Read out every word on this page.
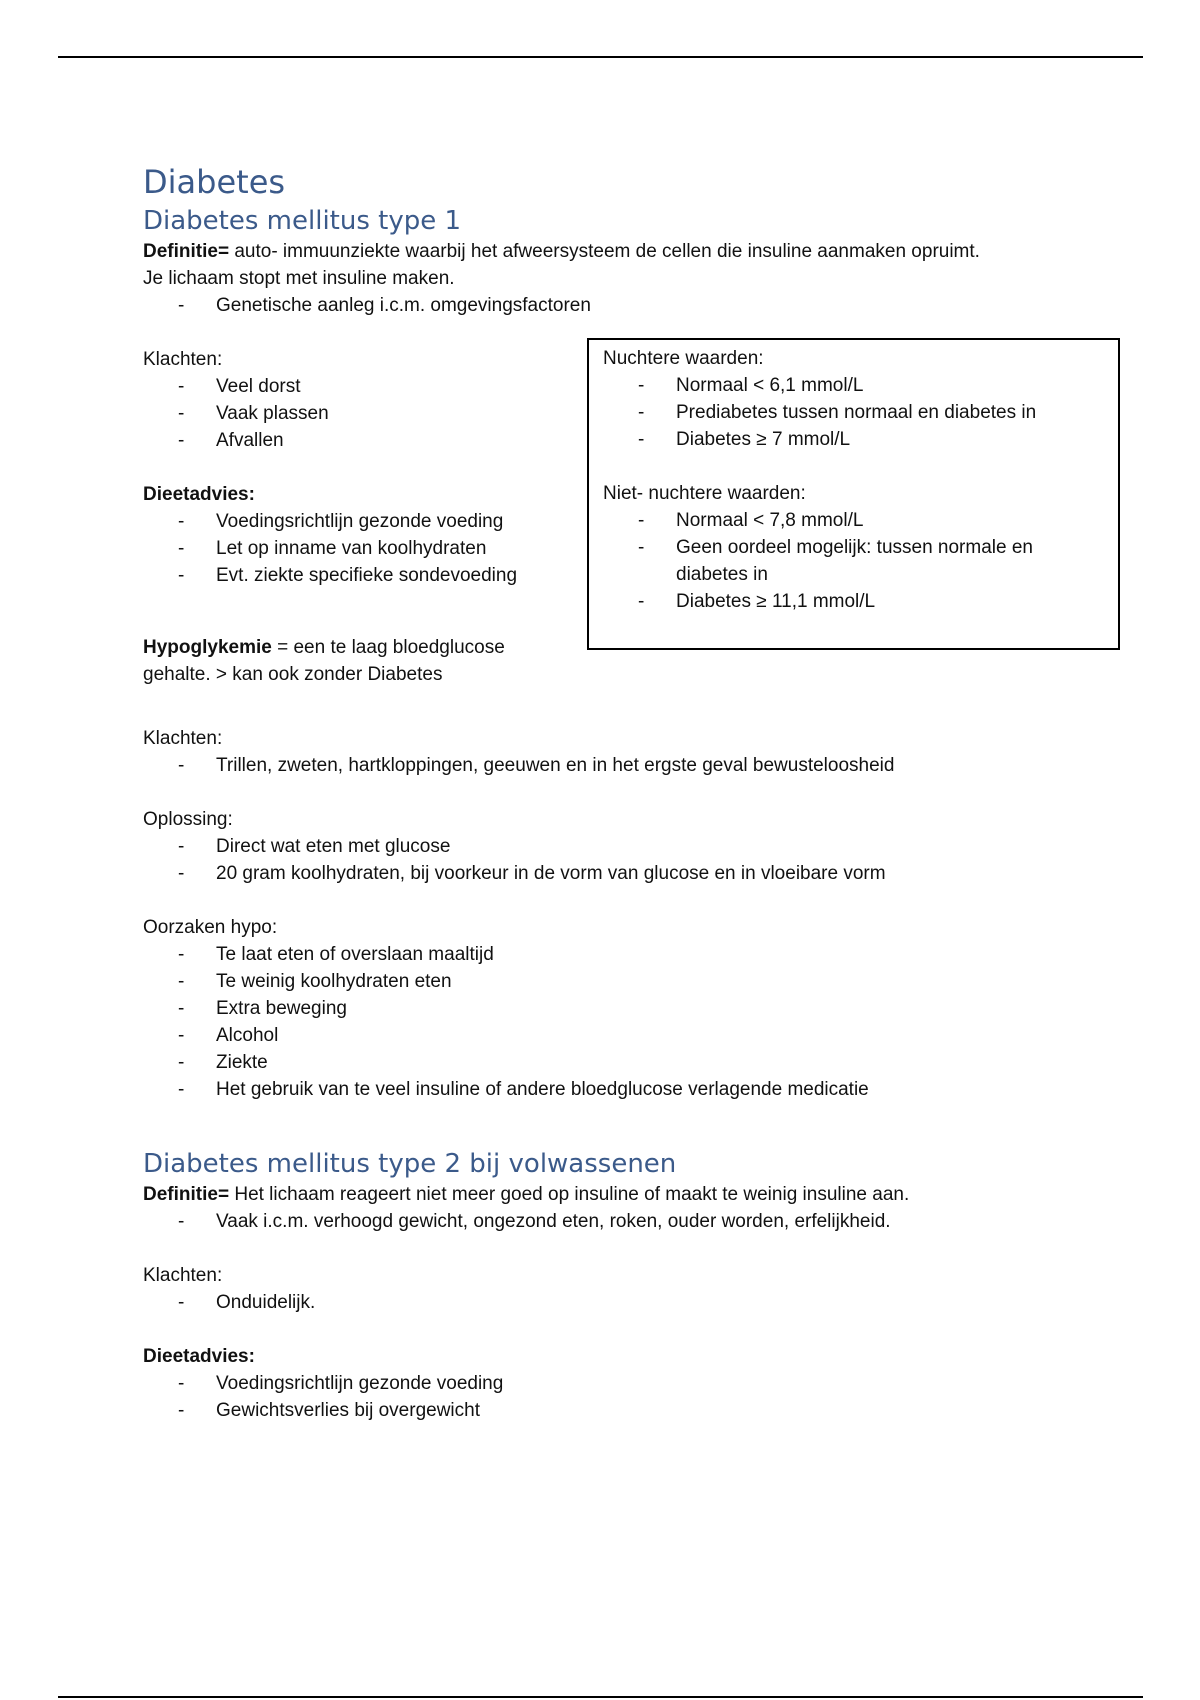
Diabetes
Diabetes mellitus type 1

Definitie= auto- immuunziekte waarbij het afweersysteem de cellen die insuline aanmaken opruimt.

Je lichaam stopt met insuline maken.

- Genetische aanleg i.c.m. omgevingsfactoren

Klachten:

- Veel dorst
- Vaak plassen
- Afvallen

Dieetadvies:

- Voedingsrichtlijn gezonde voeding
- Let op inname van koolhydraten
- Evt. ziekte specifieke sondevoeding

Hypoglykemie = een te laag bloedglucose

gehalte. > kan ook zonder Diabetes

Nuchtere waarden:

- Normaal < 6,1 mmol/L
- Prediabetes tussen normaal en diabetes in
- Diabetes ≥ 7 mmol/L

Niet- nuchtere waarden:

- Normaal < 7,8 mmol/L
- Geen oordeel mogelijk: tussen normale en diabetes in
- Diabetes ≥ 11,1 mmol/L

Klachten:

- Trillen, zweten, hartkloppingen, geeuwen en in het ergste geval bewusteloosheid

Oplossing:

- Direct wat eten met glucose
- 20 gram koolhydraten, bij voorkeur in de vorm van glucose en in vloeibare vorm

Oorzaken hypo:

- Te laat eten of overslaan maaltijd
- Te weinig koolhydraten eten
- Extra beweging
- Alcohol
- Ziekte
- Het gebruik van te veel insuline of andere bloedglucose verlagende medicatie
Diabetes mellitus type 2 bij volwassenen

Definitie= Het lichaam reageert niet meer goed op insuline of maakt te weinig insuline aan.

- Vaak i.c.m. verhoogd gewicht, ongezond eten, roken, ouder worden, erfelijkheid.

Klachten:

- Onduidelijk.

Dieetadvies:

- Voedingsrichtlijn gezonde voeding
- Gewichtsverlies bij overgewicht
